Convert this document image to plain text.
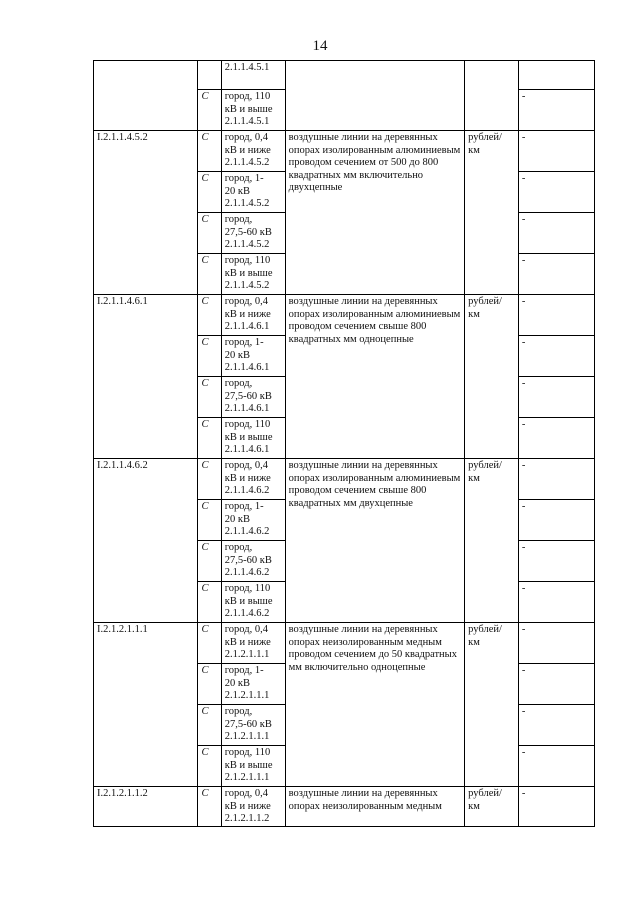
14

		2.1.1.4.5.1			

	С	город, 110
кВ и выше
2.1.1.4.5.1			-
I.2.1.1.4.5.2	С	город, 0,4
кВ и ниже
2.1.1.4.5.2	воздушные линии на деревянных опорах изолированным алюминиевым проводом сечением от 500 до 800 квадратных мм включительно двухцепные	рублей/ км	-
	С	город, 1-
20 кВ
2.1.1.4.5.2			-
	С	город,
27,5-60 кВ
2.1.1.4.5.2			-
	С	город, 110
кВ и выше
2.1.1.4.5.2			-
I.2.1.1.4.6.1	С	город, 0,4
кВ и ниже
2.1.1.4.6.1	воздушные линии на деревянных опорах изолированным алюминиевым проводом сечением свыше 800 квадратных мм одноцепные	рублей/ км	-
	С	город, 1-
20 кВ
2.1.1.4.6.1			-
	С	город,
27,5-60 кВ
2.1.1.4.6.1			-
	С	город, 110
кВ и выше
2.1.1.4.6.1			-
I.2.1.1.4.6.2	С	город, 0,4
кВ и ниже
2.1.1.4.6.2	воздушные линии на деревянных опорах изолированным алюминиевым проводом сечением свыше 800 квадратных мм двухцепные	рублей/ км	-
	С	город, 1-
20 кВ
2.1.1.4.6.2			-
	С	город,
27,5-60 кВ
2.1.1.4.6.2			-
	С	город, 110
кВ и выше
2.1.1.4.6.2			-
I.2.1.2.1.1.1	С	город, 0,4
кВ и ниже
2.1.2.1.1.1	воздушные линии на деревянных опорах неизолированным медным проводом сечением до 50 квадратных мм включительно одноцепные	рублей/ км	-
	С	город, 1-
20 кВ
2.1.2.1.1.1			-
	С	город,
27,5-60 кВ
2.1.2.1.1.1			-
	С	город, 110
кВ и выше
2.1.2.1.1.1			-
I.2.1.2.1.1.2	С	город, 0,4
кВ и ниже
2.1.2.1.1.2	воздушные линии на деревянных опорах неизолированным медным	рублей/ км	-
